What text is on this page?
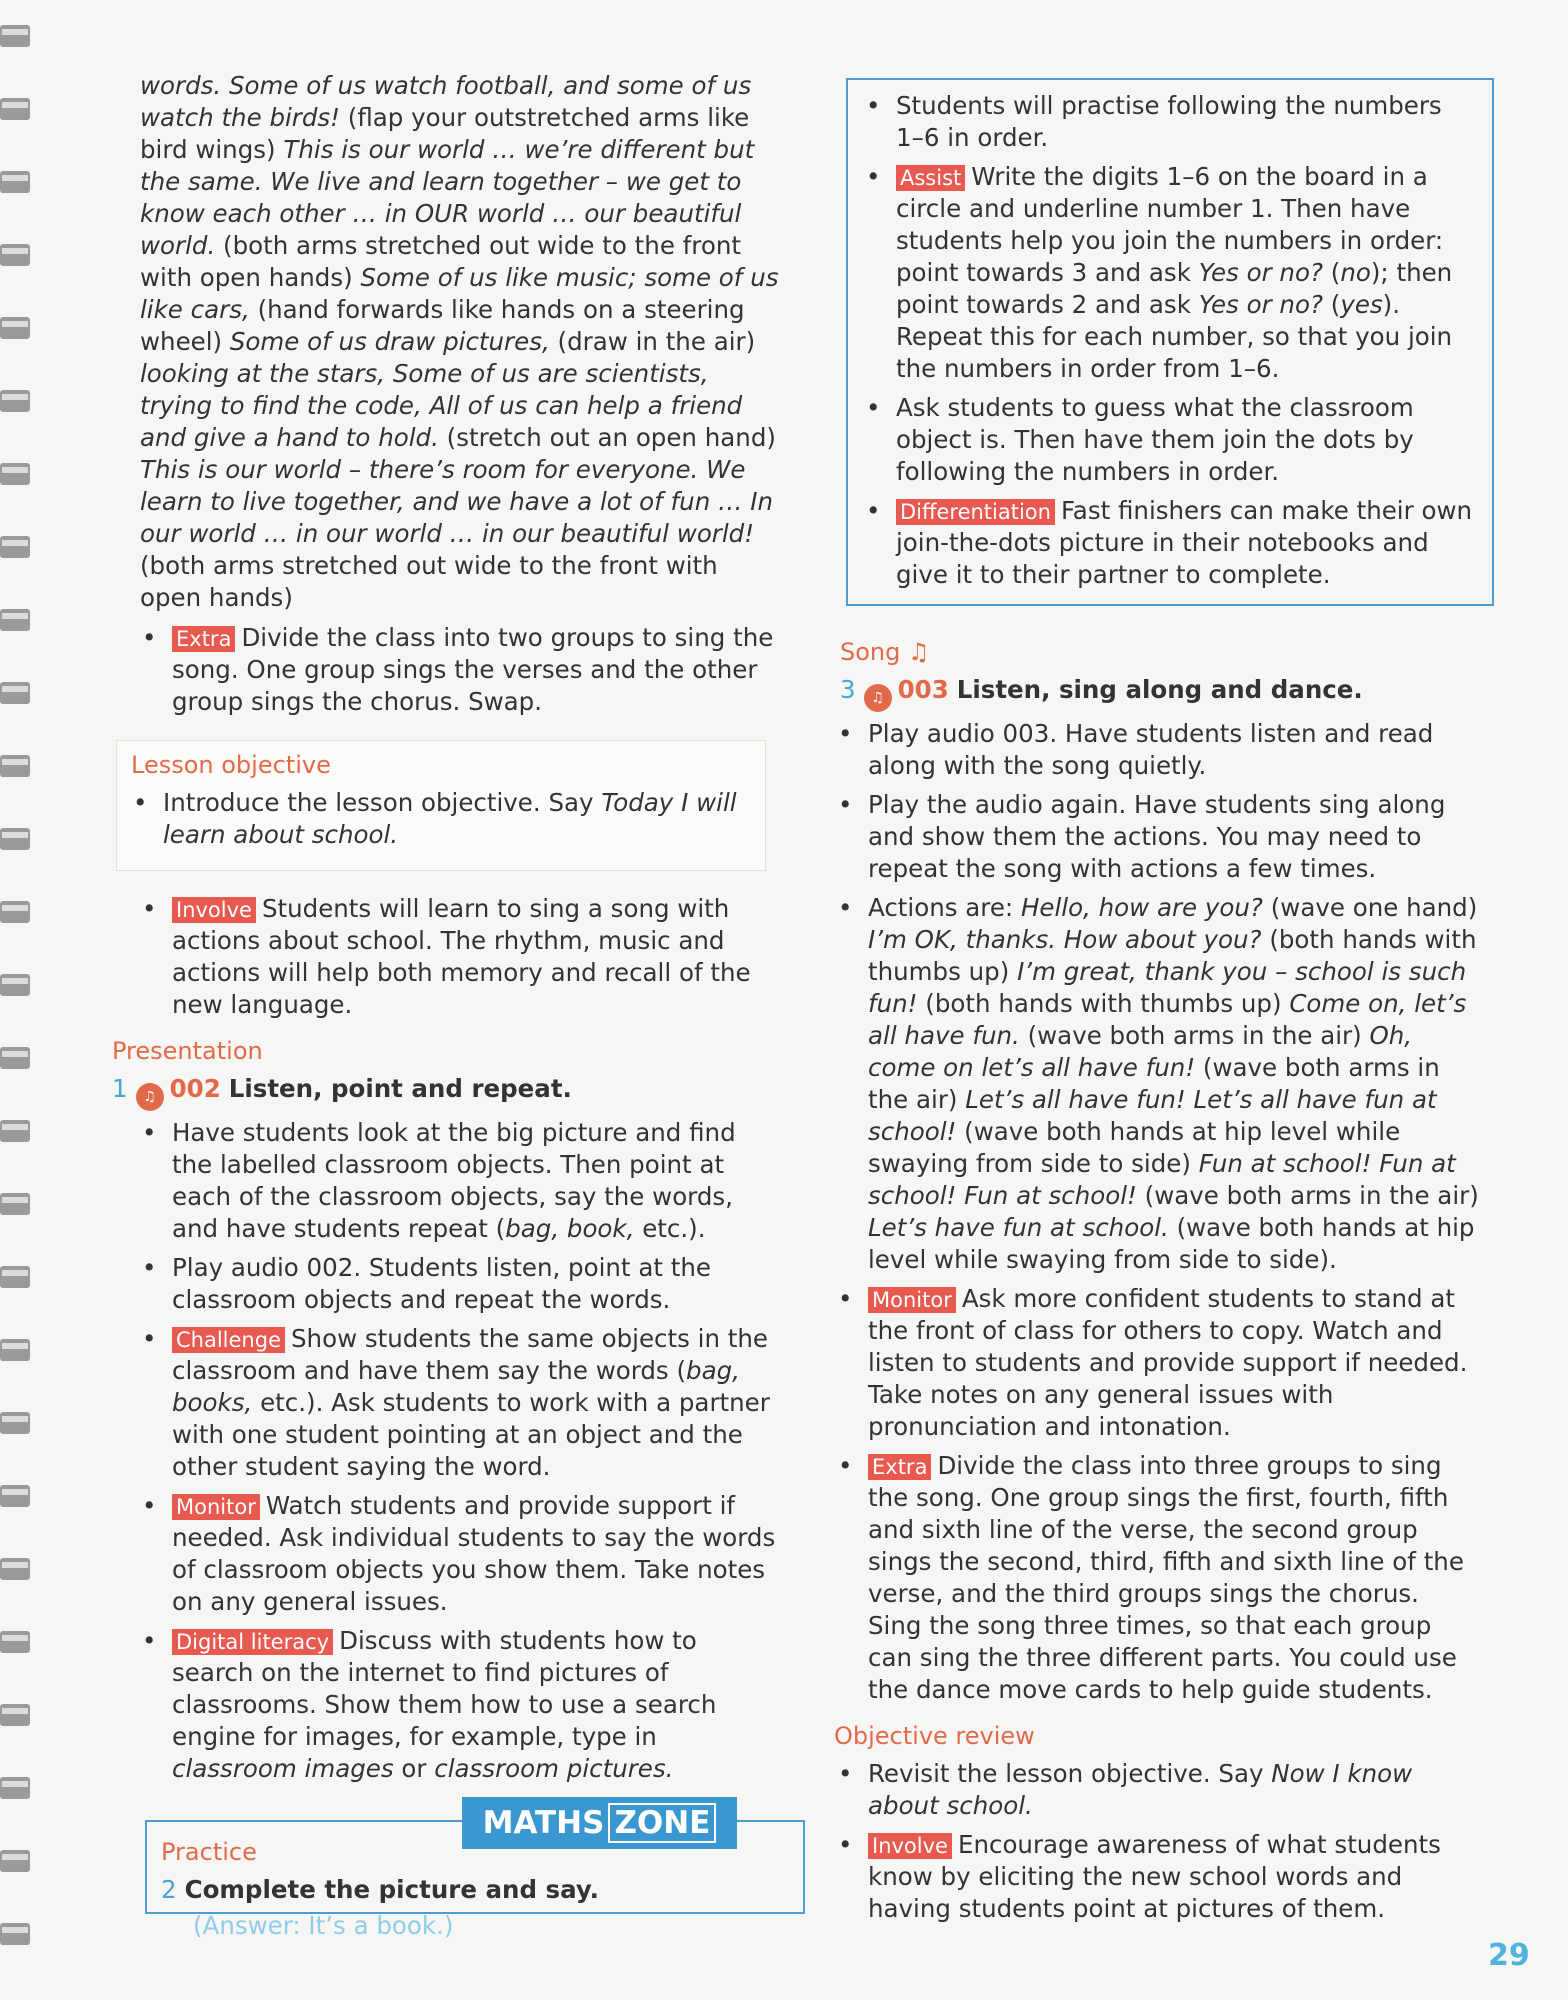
words. Some of us watch football, and some of us watch the birds! (flap your outstretched arms like bird wings) This is our world … we’re different but the same. We live and learn together – we get to know each other … in OUR world … our beautiful world. (both arms stretched out wide to the front with open hands) Some of us like music; some of us like cars, (hand forwards like hands on a steering wheel) Some of us draw pictures, (draw in the air) looking at the stars, Some of us are scientists, trying to find the code, All of us can help a friend and give a hand to hold. (stretch out an open hand) This is our world – there’s room for everyone. We learn to live together, and we have a lot of fun … In our world … in our world … in our beautiful world! (both arms stretched out wide to the front with open hands)

• Extra Divide the class into two groups to sing the song. One group sings the verses and the other group sings the chorus. Swap.
Lesson objective
• Introduce the lesson objective. Say Today I will learn about school.
• Involve Students will learn to sing a song with actions about school. The rhythm, music and actions will help both memory and recall of the new language.
Presentation
1 ♫ 002 Listen, point and repeat.
• Have students look at the big picture and find the labelled classroom objects. Then point at each of the classroom objects, say the words, and have students repeat (bag, book, etc.).
• Play audio 002. Students listen, point at the classroom objects and repeat the words.
• Challenge Show students the same objects in the classroom and have them say the words (bag, books, etc.). Ask students to work with a partner with one student pointing at an object and the other student saying the word.
• Monitor Watch students and provide support if needed. Ask individual students to say the words of classroom objects you show them. Take notes on any general issues.
• Digital literacy Discuss with students how to search on the internet to find pictures of classrooms. Show them how to use a search engine for images, for example, type in classroom images or classroom pictures.
Practice
2 Complete the picture and say.
(Answer: It’s a book.)
MATHS ZONE
• Students will practise following the numbers 1–6 in order.
• Assist Write the digits 1–6 on the board in a circle and underline number 1. Then have students help you join the numbers in order: point towards 3 and ask Yes or no? (no); then point towards 2 and ask Yes or no? (yes). Repeat this for each number, so that you join the numbers in order from 1–6.
• Ask students to guess what the classroom object is. Then have them join the dots by following the numbers in order.
• Differentiation Fast finishers can make their own join-the-dots picture in their notebooks and give it to their partner to complete.
Song ♫
3 ♫ 003 Listen, sing along and dance.
• Play audio 003. Have students listen and read along with the song quietly.
• Play the audio again. Have students sing along and show them the actions. You may need to repeat the song with actions a few times.
• Actions are: Hello, how are you? (wave one hand) I’m OK, thanks. How about you? (both hands with thumbs up) I’m great, thank you – school is such fun! (both hands with thumbs up) Come on, let’s all have fun. (wave both arms in the air) Oh, come on let’s all have fun! (wave both arms in the air) Let’s all have fun! Let’s all have fun at school! (wave both hands at hip level while swaying from side to side) Fun at school! Fun at school! Fun at school! (wave both arms in the air) Let’s have fun at school. (wave both hands at hip level while swaying from side to side).
• Monitor Ask more confident students to stand at the front of class for others to copy. Watch and listen to students and provide support if needed. Take notes on any general issues with pronunciation and intonation.
• Extra Divide the class into three groups to sing the song. One group sings the first, fourth, fifth and sixth line of the verse, the second group sings the second, third, fifth and sixth line of the verse, and the third groups sings the chorus. Sing the song three times, so that each group can sing the three different parts. You could use the dance move cards to help guide students.
Objective review
• Revisit the lesson objective. Say Now I know about school.
• Involve Encourage awareness of what students know by eliciting the new school words and having students point at pictures of them.
29
